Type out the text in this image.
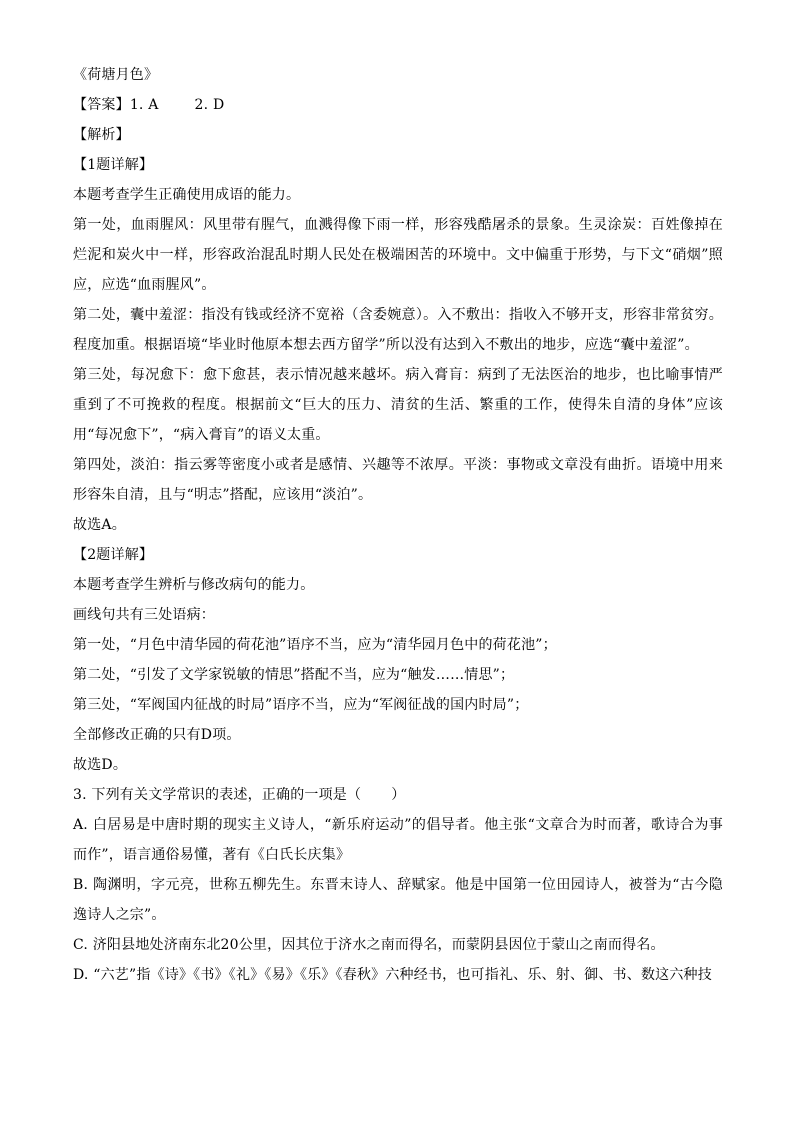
《荷塘月色》
【答案】1. A	2. D
【解析】
【1题详解】
本题考查学生正确使用成语的能力。
第一处，血雨腥风：风里带有腥气，血溅得像下雨一样，形容残酷屠杀的景象。生灵涂炭：百姓像掉在烂泥和炭火中一样，形容政治混乱时期人民处在极端困苦的环境中。文中偏重于形势，与下文“硝烟”照应，应选“血雨腥风”。
第二处，囊中羞涩：指没有钱或经济不宽裕（含委婉意）。入不敷出：指收入不够开支，形容非常贫穷。程度加重。根据语境“毕业时他原本想去西方留学”所以没有达到入不敷出的地步，应选“囊中羞涩”。
第三处，每况愈下：愈下愈甚，表示情况越来越坏。病入膏肓：病到了无法医治的地步，也比喻事情严重到了不可挽救的程度。根据前文“巨大的压力、清贫的生活、繁重的工作，使得朱自清的身体”应该用“每况愈下”，“病入膏肓”的语义太重。
第四处，淡泊：指云雾等密度小或者是感情、兴趣等不浓厚。平淡：事物或文章没有曲折。语境中用来形容朱自清，且与“明志”搭配，应该用“淡泊”。
故选A。
【2题详解】
本题考查学生辨析与修改病句的能力。
画线句共有三处语病：
第一处，“月色中清华园的荷花池”语序不当，应为“清华园月色中的荷花池”；
第二处，“引发了文学家锐敏的情思”搭配不当，应为“触发……情思”；
第三处，“军阀国内征战的时局”语序不当，应为“军阀征战的国内时局”；
全部修改正确的只有D项。
故选D。
3. 下列有关文学常识的表述，正确的一项是（ ）
A. 白居易是中唐时期的现实主义诗人，“新乐府运动”的倡导者。他主张“文章合为时而著，歌诗合为事而作”，语言通俗易懂，著有《白氏长庆集》
B. 陶渊明，字元亮，世称五柳先生。东晋末诗人、辞赋家。他是中国第一位田园诗人，被誉为“古今隐逸诗人之宗”。
C. 济阳县地处济南东北20公里，因其位于济水之南而得名，而蒙阴县因位于蒙山之南而得名。
D. “六艺”指《诗》《书》《礼》《易》《乐》《春秋》六种经书，也可指礼、乐、射、御、书、数这六种技
